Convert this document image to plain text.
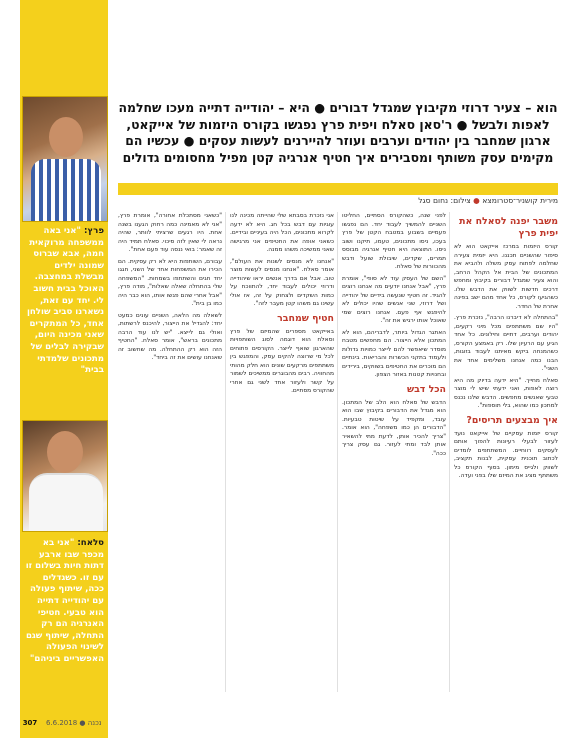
פרץ: "אני באה ממשפחה מרוקאית חמה, אבא שברוס שמונה ילדים מבשלת במחצבה. האוכל בבית חשוב לי. יחד עם זאת, נשארנו סביב שולחן אחד, כל המתקרים שאני מכינה היום, שבקירה לבלים של מתכונים שלמדתי בבית"
סלאח: "אני בא מכפר שבו ארבע דתות חיות בשלום זו עם זו. כשגדלים ככה, שיתוף פעולה עם יהודייה דתייה הוא טבעי. חטיפי האנרגיה הם רק התחלה, שיתוף שגם לשינוי הפעולה האפשריים ביניהם"
הוא – צעיר דרוזי מקיבוץ שמגדל דבורים ● היא – יהודייה דתייה מעכו שחלמה לאפות ולבשל ● ר'סאן סאלח ויפית פרץ נפגשו בקורס היזמות של אייקאט, ארגון שמחבר בין יהודים וערבים ועוזר להיירנים לעשות עסקים ● עכשיו הם מקימים עסק משותף ומסבירים איך חטיף אנרגיה קטן מפיל מחסומים גדולים
מירית קושניר־סטרומצא ● צילום: נחום סגל
משבר יפנה לסאלח את יפית פרץ

קורס היזמות במרכז אייקאט הוא לא סיפור שהשניים תכננו. היא יזמית צעירה שחלמה לפתוח עסק משלה ולהביא את המתכונים של הבית אל הקהל הרחב, והוא צעיר שמגדל דבורים בקיבוץ ומחפש דרכים חדשות לשווק את הדבש שלו. כשהגיעו לקורס, כל אחד מהם ישב בפינה אחרת של החדר.

"בהתחלה לא דיברנו הרבה", נזכרת פרץ. "היו שם משתתפים מכל מיני רקעים, יהודים וערבים, דתיים וחילונים. כל אחד הגיע עם הרעיון שלו. רק באמצע הקורס, כשהמנחה ביקש מאיתנו לעבוד בזוגות, הבנו כמה אנחנו משלימים אחד את השני".

סאלח מחייך. "היא ידעה בדיוק מה היא רוצה לאפות, ואני ידעתי שיש לי מוצר טבעי שאנשים מחפשים. הדבש שלנו נכנס למתכון כמו שהוא, בלי תוספות".

איך מבצעים תריסים?

קורס יזמות עסקיים של אייקאט נועד לעזור לבעלי רעיונות להפוך אותם לעסקים רווחיים. המשתתפים לומדים לכתוב תוכנית עסקית, לבנות תקציב, לשווק ולגייס מימון. בסוף הקורס כל משתתף מציג את המיזם שלו בפני ועדה.

לפני שנה, כשהקורס הסתיים, החליטו השניים להמשיך לעבוד יחד. הם נפגשו פעמיים בשבוע במטבח הקטן של פרץ בעכו, ניסו מתכונים, טעמו, תיקנו ושוב ניסו. התוצאה היא חטיף אנרגיה מבוסס תמרים, שקדים, שיבולת שועל ודבש מהכוורות של סאלח.

"השם של העסק עוד לא סופי", אומרת פרץ, "אבל אנחנו יודעים מה אנחנו רוצים להגיד. זה חטיף שנעשה בידיים של יהודייה ושל דרוזי, שני אנשים שהיו יכולים לא להיפגש אף פעם. אנחנו רוצים שמי שאוכל אותו ירגיש את זה".

האתגר הגדול ביותר, לדבריהם, הוא לא המתכון אלא הייצור. הם מחפשים מטבח מוסדר שיאפשר להם לייצר כמויות גדולות ולעמוד בתקני הכשרות והבריאות. בינתיים הם מוכרים את החטיפים בשווקים, בירידים ובחנויות קטנות באזור הצפון.

הכל דבש

הדבש של סאלח הוא הלב של המתכון. הוא מגדל את הדבורים בקיבוץ שבו הוא עובד, ומקפיד על שיטות טבעיות. "הדבורים הן כמו משפחה", הוא אומר. "צריך להכיר אותן, לדעת מתי להשאיר אותן לבד ומתי לעזור. גם עסק צריך ככה".

אני נזכרת בסבתא שלי שהייתה מכינה לנו עוגיות עם דבש בכל חג. היא לא ידעה לקרוא מתכונים, הכל היה בעיניים ובידיים. כשאני אופה את החטיפים אני מרגישה שאני ממשיכה משהו ממנה.

"אנחנו לא מנסים לשנות את העולם", אומר סאלח. "אנחנו מנסים לעשות מוצר טוב. אבל אם בדרך אנשים יראו שיהודייה ודרוזי יכולים לעבוד יחד, להתווכח על כמות השקדים ולצחוק על זה, אז אולי עשינו גם משהו קטן מעבר לזה".

חטיף שמחבר

באייקאט מספרים שהמיזם של פרץ וסאלח הוא דוגמה לסוג השותפויות שהארגון שואף לייצר. הקורסים פתוחים לכל מי שרוצה להקים עסק, והמפגש בין משתתפים מרקעים שונים הוא חלק מהותי מהחוויה. רבים מהבוגרים ממשיכים לשמור על קשר ולעזור אחד לשני גם אחרי שהקורס מסתיים.

"כשאני מסתכלת אחורה", אומרת פרץ, "אני לא מאמינה כמה רחוק הגענו בשנה אחת. היו רגעים שרציתי לוותר, שהיה נראה לי שאין לזה סיכוי. סאלח תמיד היה זה שאמר: בואי ננסה עוד פעם אחת".

עבורם, השותפות היא לא רק עסקית. הם הכירו את המשפחות אחד של השני, חגגו יחד חגים והשתתפו בשמחות. "המשפחה שלי בהתחלה שאלה שאלות", מודה פרץ, "אבל אחרי שהם פגשו אותו, הוא כבר היה כמו בן בית".

לשאלה מה הלאה, השניים עונים כמעט יחד: להגדיל את הייצור, להיכנס לרשתות, ואולי גם לייצא. "יש לנו עוד הרבה מתכונים בראש", אומר סאלח. "החטיף הזה הוא רק ההתחלה. מה שחשוב זה שאנחנו עושים את זה ביחד".

307	נכנה ● 6.6.2018
